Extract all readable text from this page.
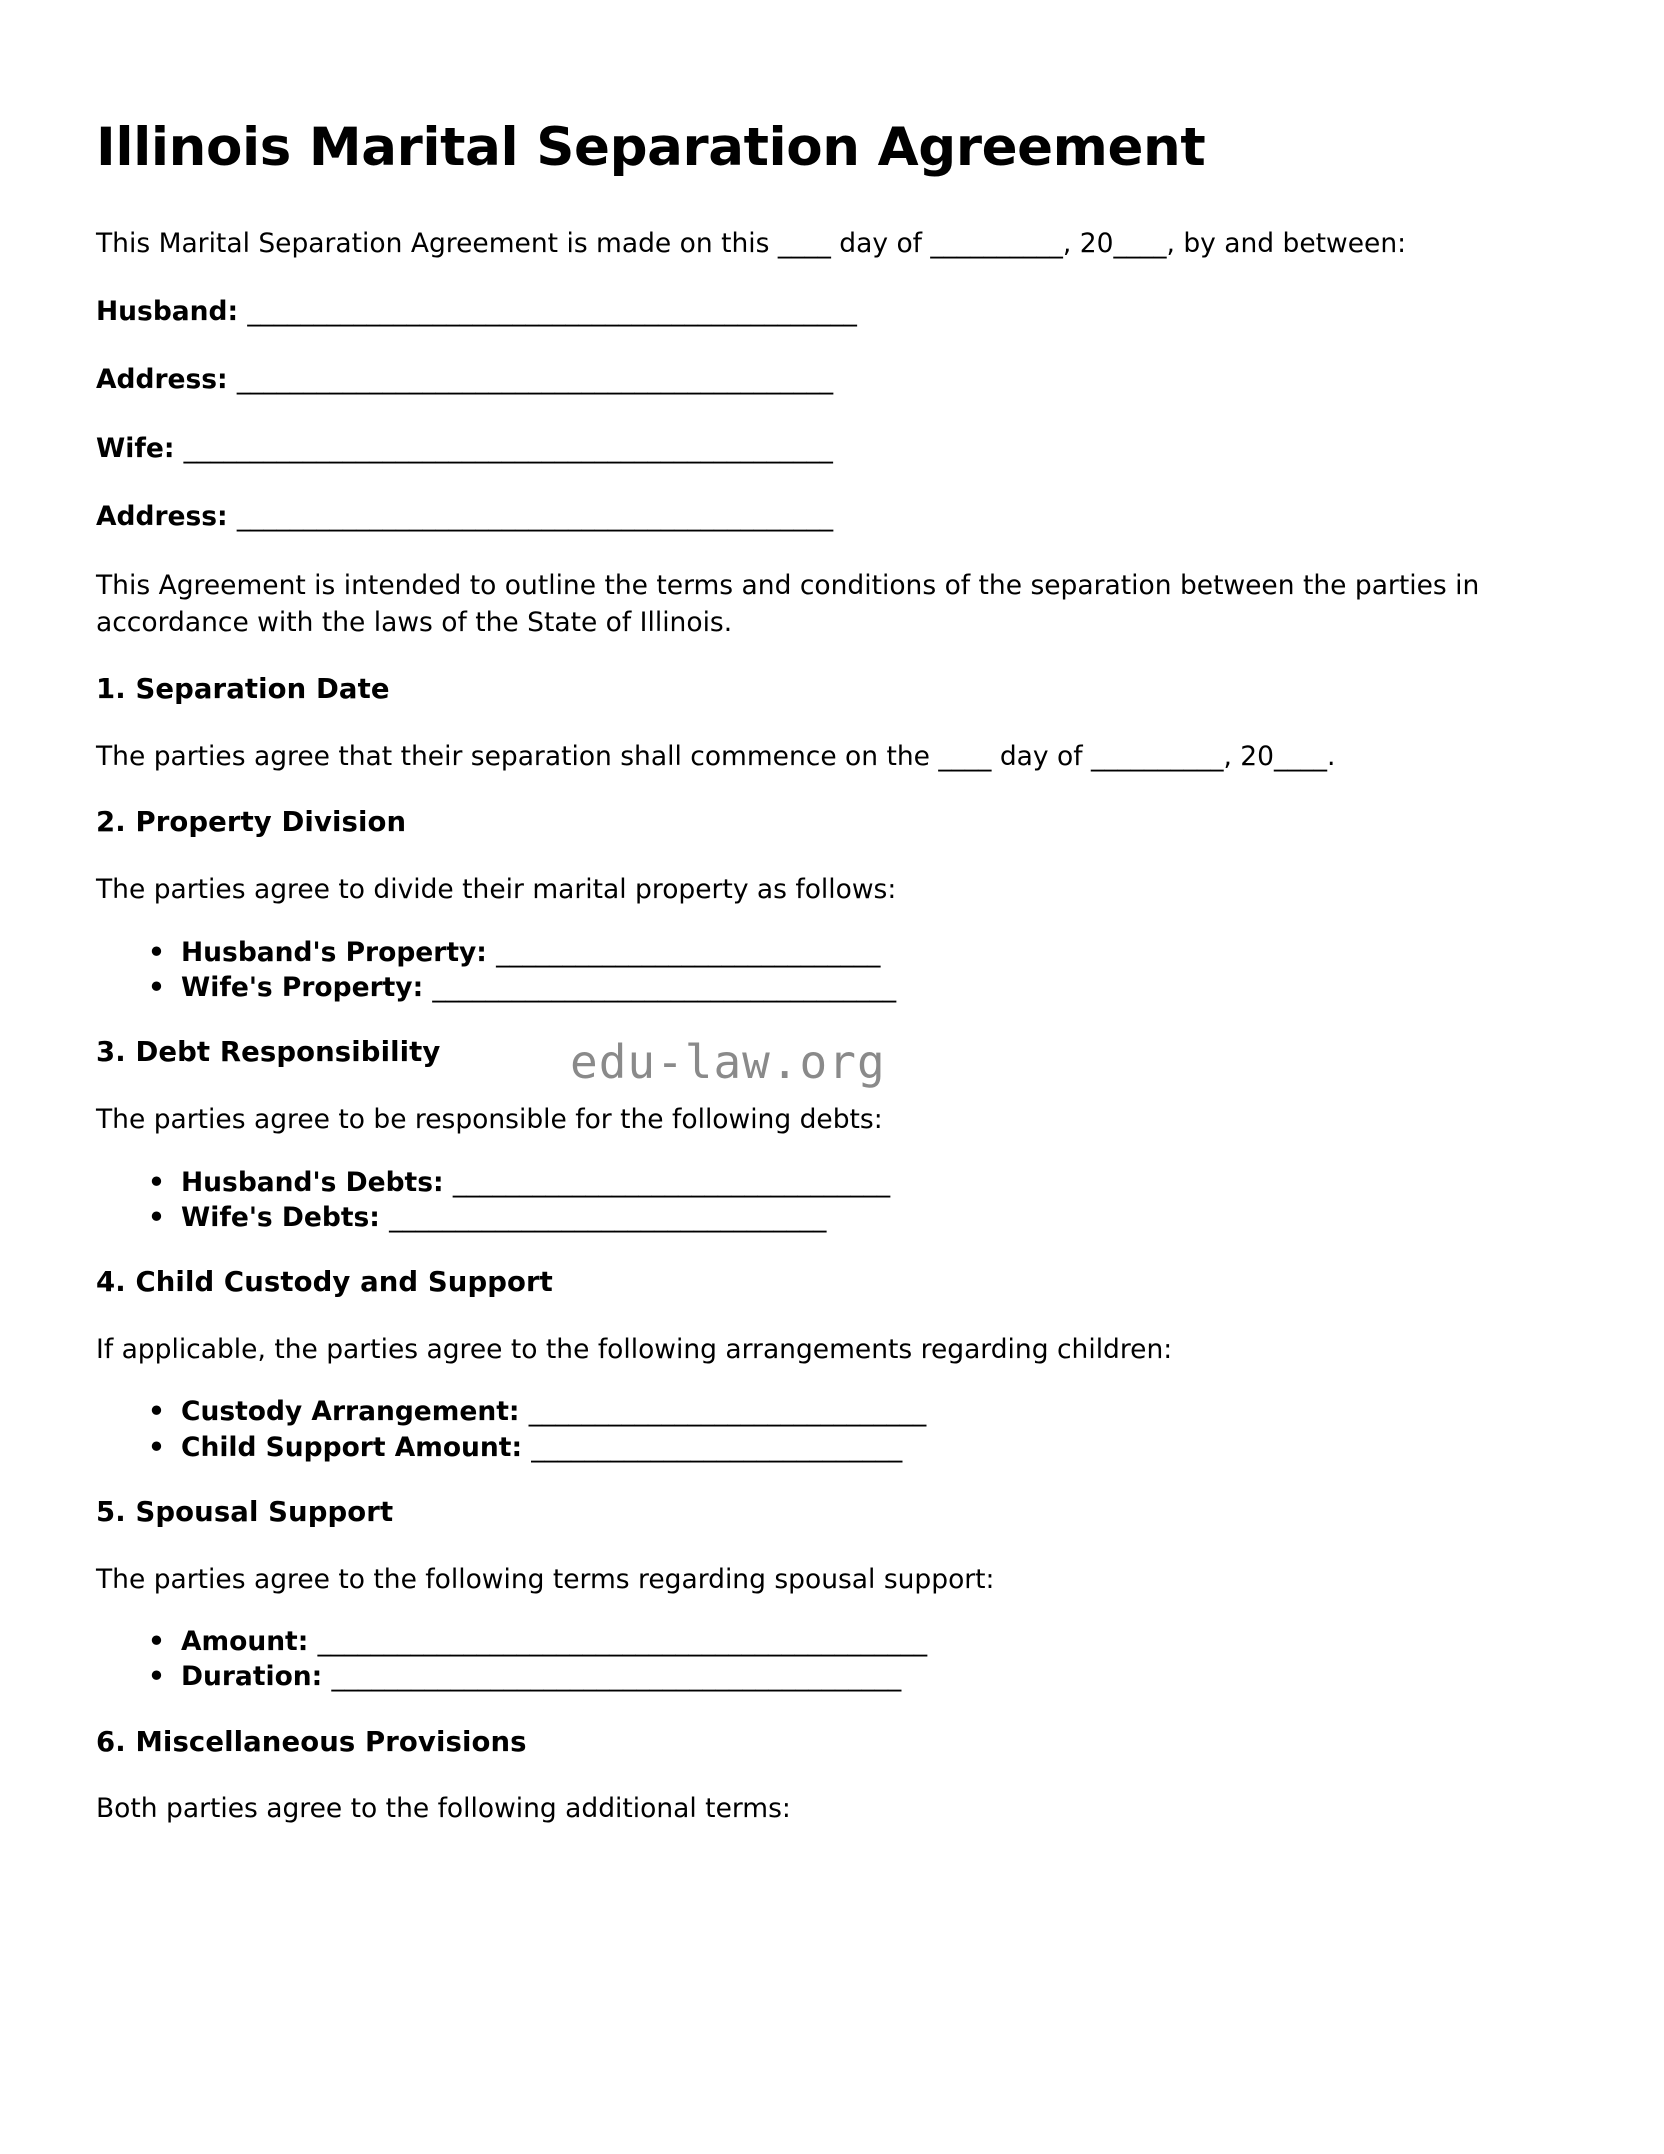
Illinois Marital Separation Agreement

This Marital Separation Agreement is made on this ____ day of __________, 20____, by and between:

Husband: ______________________________________________
Address: _____________________________________________
Wife: _________________________________________________
Address: _____________________________________________

This Agreement is intended to outline the terms and conditions of the separation between the parties in accordance with the laws of the State of Illinois.

1. Separation Date

The parties agree that their separation shall commence on the ____ day of __________, 20____.

2. Property Division

The parties agree to divide their marital property as follows:

• Husband's Property: _____________________________
• Wife's Property: ___________________________________
3. Debt Responsibility

The parties agree to be responsible for the following debts:

• Husband's Debts: _________________________________
• Wife's Debts: _________________________________
4. Child Custody and Support

If applicable, the parties agree to the following arrangements regarding children:

• Custody Arrangement: ______________________________
• Child Support Amount: ____________________________
5. Spousal Support

The parties agree to the following terms regarding spousal support:

• Amount: ______________________________________________
• Duration: ___________________________________________
6. Miscellaneous Provisions

Both parties agree to the following additional terms:

edu-law.org
